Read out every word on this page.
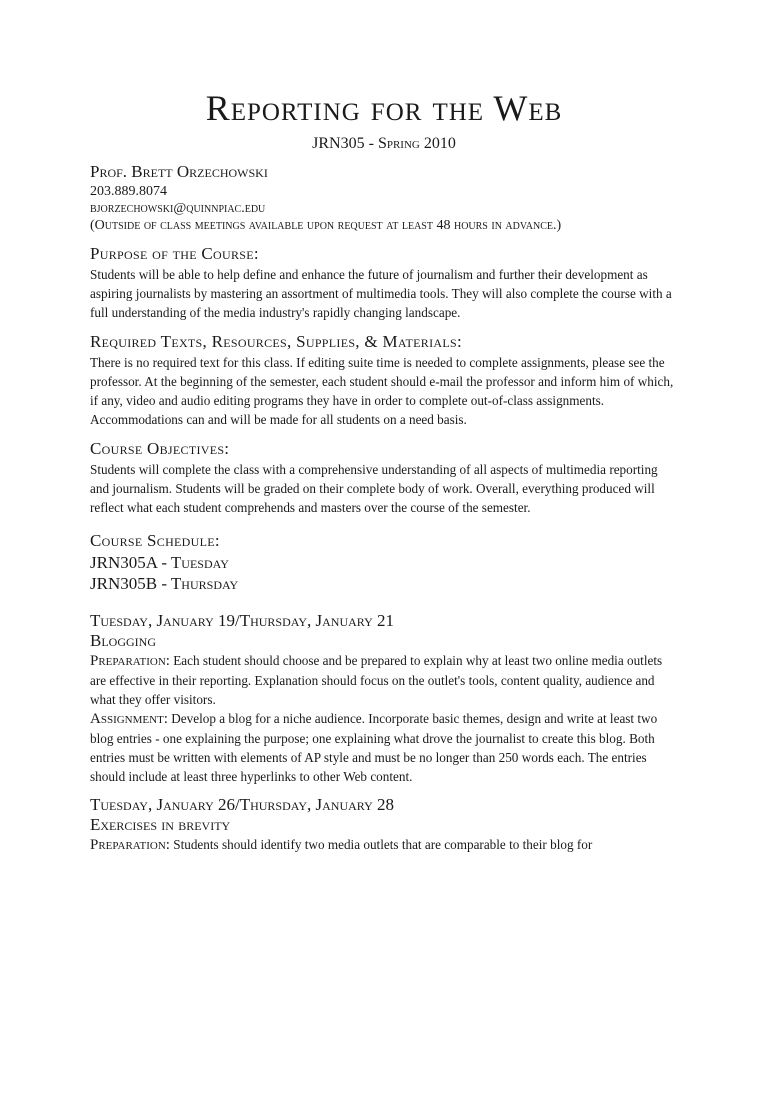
Reporting for the Web
JRN305 - Spring 2010
Prof. Brett Orzechowski
203.889.8074
bjorzechowski@quinnpiac.edu
(Outside of class meetings available upon request at least 48 hours in advance.)
Purpose of the Course:

Students will be able to help define and enhance the future of journalism and further their development as aspiring journalists by mastering an assortment of multimedia tools. They will also complete the course with a full understanding of the media industry's rapidly changing landscape.

Required Texts, Resources, Supplies, & Materials:

There is no required text for this class. If editing suite time is needed to complete assignments, please see the professor. At the beginning of the semester, each student should e-mail the professor and inform him of which, if any, video and audio editing programs they have in order to complete out-of-class assignments. Accommodations can and will be made for all students on a need basis.

Course Objectives:

Students will complete the class with a comprehensive understanding of all aspects of multimedia reporting and journalism. Students will be graded on their complete body of work. Overall, everything produced will reflect what each student comprehends and masters over the course of the semester.

Course Schedule:
JRN305A - Tuesday
JRN305B - Thursday
Tuesday, January 19/Thursday, January 21
Blogging

Preparation: Each student should choose and be prepared to explain why at least two online media outlets are effective in their reporting. Explanation should focus on the outlet's tools, content quality, audience and what they offer visitors.

Assignment: Develop a blog for a niche audience. Incorporate basic themes, design and write at least two blog entries - one explaining the purpose; one explaining what drove the journalist to create this blog. Both entries must be written with elements of AP style and must be no longer than 250 words each. The entries should include at least three hyperlinks to other Web content.

Tuesday, January 26/Thursday, January 28
Exercises in brevity

Preparation: Students should identify two media outlets that are comparable to their blog for
